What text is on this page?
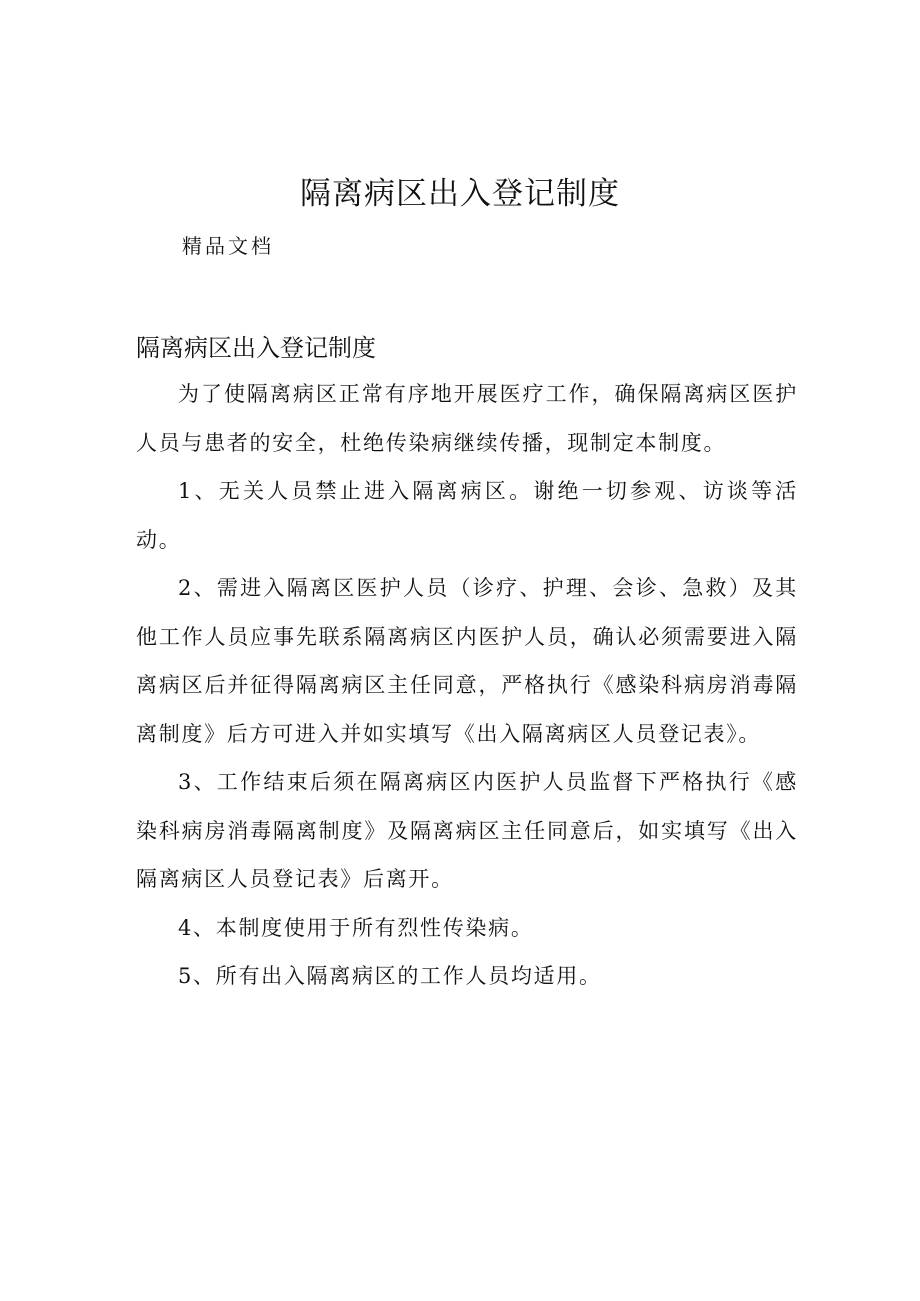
隔离病区出入登记制度
精品文档
隔离病区出入登记制度

为了使隔离病区正常有序地开展医疗工作，确保隔离病区医护人员与患者的安全，杜绝传染病继续传播，现制定本制度。

1、无关人员禁止进入隔离病区。谢绝一切参观、访谈等活动。

2、需进入隔离区医护人员（诊疗、护理、会诊、急救）及其他工作人员应事先联系隔离病区内医护人员，确认必须需要进入隔离病区后并征得隔离病区主任同意，严格执行《感染科病房消毒隔离制度》后方可进入并如实填写《出入隔离病区人员登记表》。

3、工作结束后须在隔离病区内医护人员监督下严格执行《感染科病房消毒隔离制度》及隔离病区主任同意后，如实填写《出入隔离病区人员登记表》后离开。

4、本制度使用于所有烈性传染病。

5、所有出入隔离病区的工作人员均适用。
